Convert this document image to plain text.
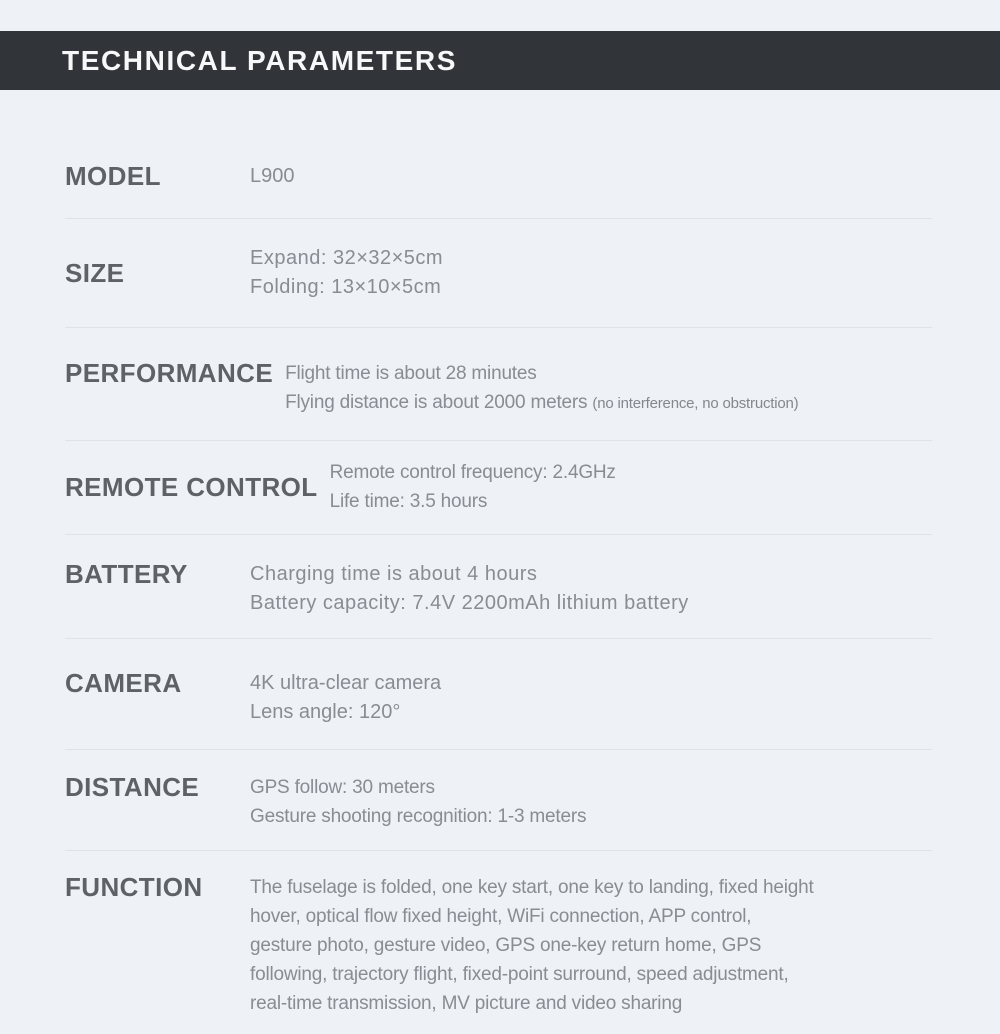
TECHNICAL PARAMETERS
MODEL	L900
SIZE	Expand: 32×32×5cm
Folding: 13×10×5cm
PERFORMANCE Flight time is about 28 minutes
Flying distance is about 2000 meters (no interference, no obstruction)
REMOTE CONTROL Remote control frequency: 2.4GHz
Life time: 3.5 hours
BATTERY	Charging time is about 4 hours
Battery capacity: 7.4V 2200mAh lithium battery
CAMERA	4K ultra-clear camera
Lens angle: 120°
DISTANCE	GPS follow: 30 meters
Gesture shooting recognition: 1-3 meters
FUNCTION	The fuselage is folded, one key start, one key to landing, fixed height
hover, optical flow fixed height, WiFi connection, APP control,
gesture photo, gesture video, GPS one-key return home, GPS
following, trajectory flight, fixed-point surround, speed adjustment,
real-time transmission, MV picture and video sharing
